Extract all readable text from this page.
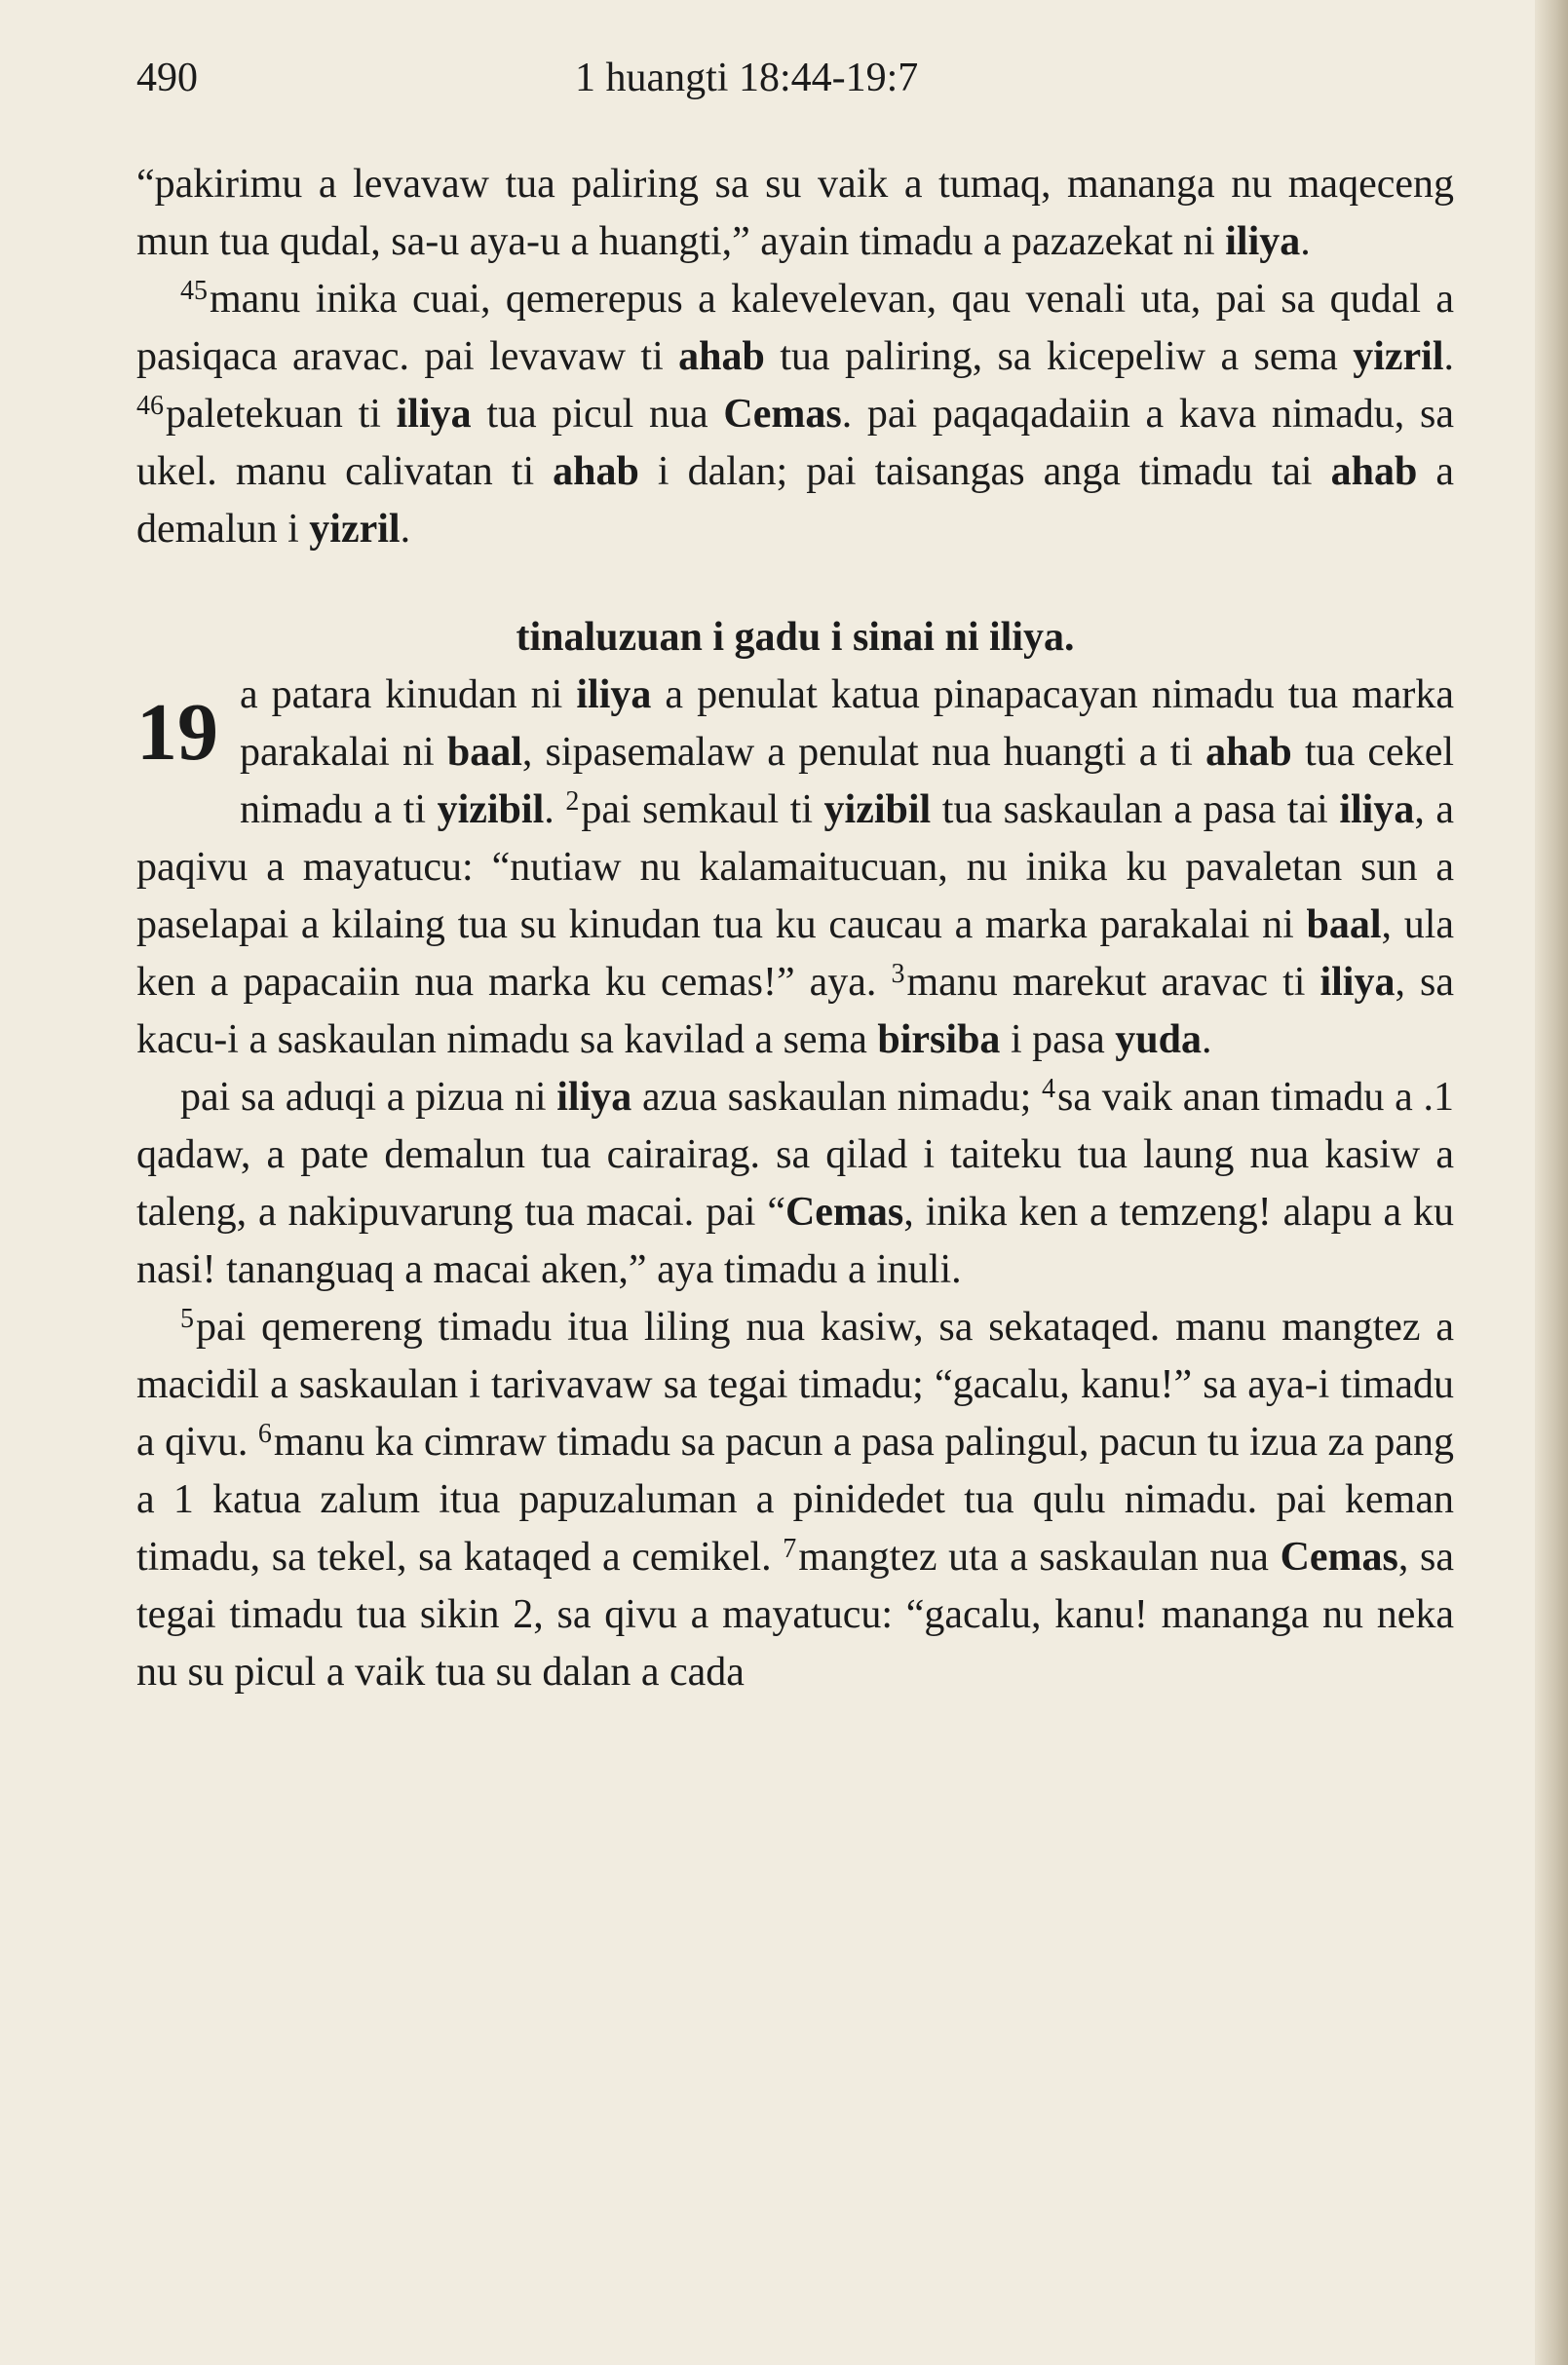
490	1 huangti 18:44-19:7

“pakirimu a levavaw tua paliring sa su vaik a tumaq, mananga nu maqeceng mun tua qudal, sa-u aya-u a huangti,” ayain timadu a pazazekat ni iliya.

$^{45}$manu inika cuai, qemerepus a kalevelevan, qau venali uta, pai sa qudal a pasiqaca aravac. pai levavaw ti ahab tua paliring, sa kicepeliw a sema yizril. $^{46}$paletekuan ti iliya tua picul nua Cemas. pai paqaqadaiin a kava nimadu, sa ukel. manu calivatan ti ahab i dalan; pai taisangas anga timadu tai ahab a demalun i yizril.

tinaluzuan i gadu i sinai ni iliya.

19 a patara kinudan ni iliya a penulat katua pinapacayan nimadu tua marka parakalai ni baal, sipasemalaw a penulat nua huangti a ti ahab tua cekel nimadu a ti yizibil. $^2$pai semkaul ti yizibil tua saskaulan a pasa tai iliya, a paqivu a mayatucu: “nutiaw nu kalamaitucuan, nu inika ku pavaletan sun a paselapai a kilaing tua su kinudan tua ku caucau a marka parakalai ni baal, ula ken a papacaiin nua marka ku cemas!” aya. $^3$manu marekut aravac ti iliya, sa kacu-i a saskaulan nimadu sa kavilad a sema birsiba i pasa yuda.

pai sa aduqi a pizua ni iliya azua saskaulan nimadu; $^4$sa vaik anan timadu a .1 qadaw, a pate demalun tua cairairag. sa qilad i taiteku tua laung nua kasiw a taleng, a nakipuvarung tua macai. pai “Cemas, inika ken a temzeng! alapu a ku nasi! tananguaq a macai aken,” aya timadu a inuli.

$^5$pai qemereng timadu itua liling nua kasiw, sa sekataqed. manu mangtez a macidil a saskaulan i tarivavaw sa tegai timadu; “gacalu, kanu!” sa aya-i timadu a qivu. $^6$manu ka cimraw timadu sa pacun a pasa palingul, pacun tu izua za pang a 1 katua zalum itua papuzaluman a pinidedet tua qulu nimadu. pai keman timadu, sa tekel, sa kataqed a cemikel. $^7$mangtez uta a saskaulan nua Cemas, sa tegai timadu tua sikin 2, sa qivu a mayatucu: “gacalu, kanu! mananga nu neka nu su picul a vaik tua su dalan a cada
